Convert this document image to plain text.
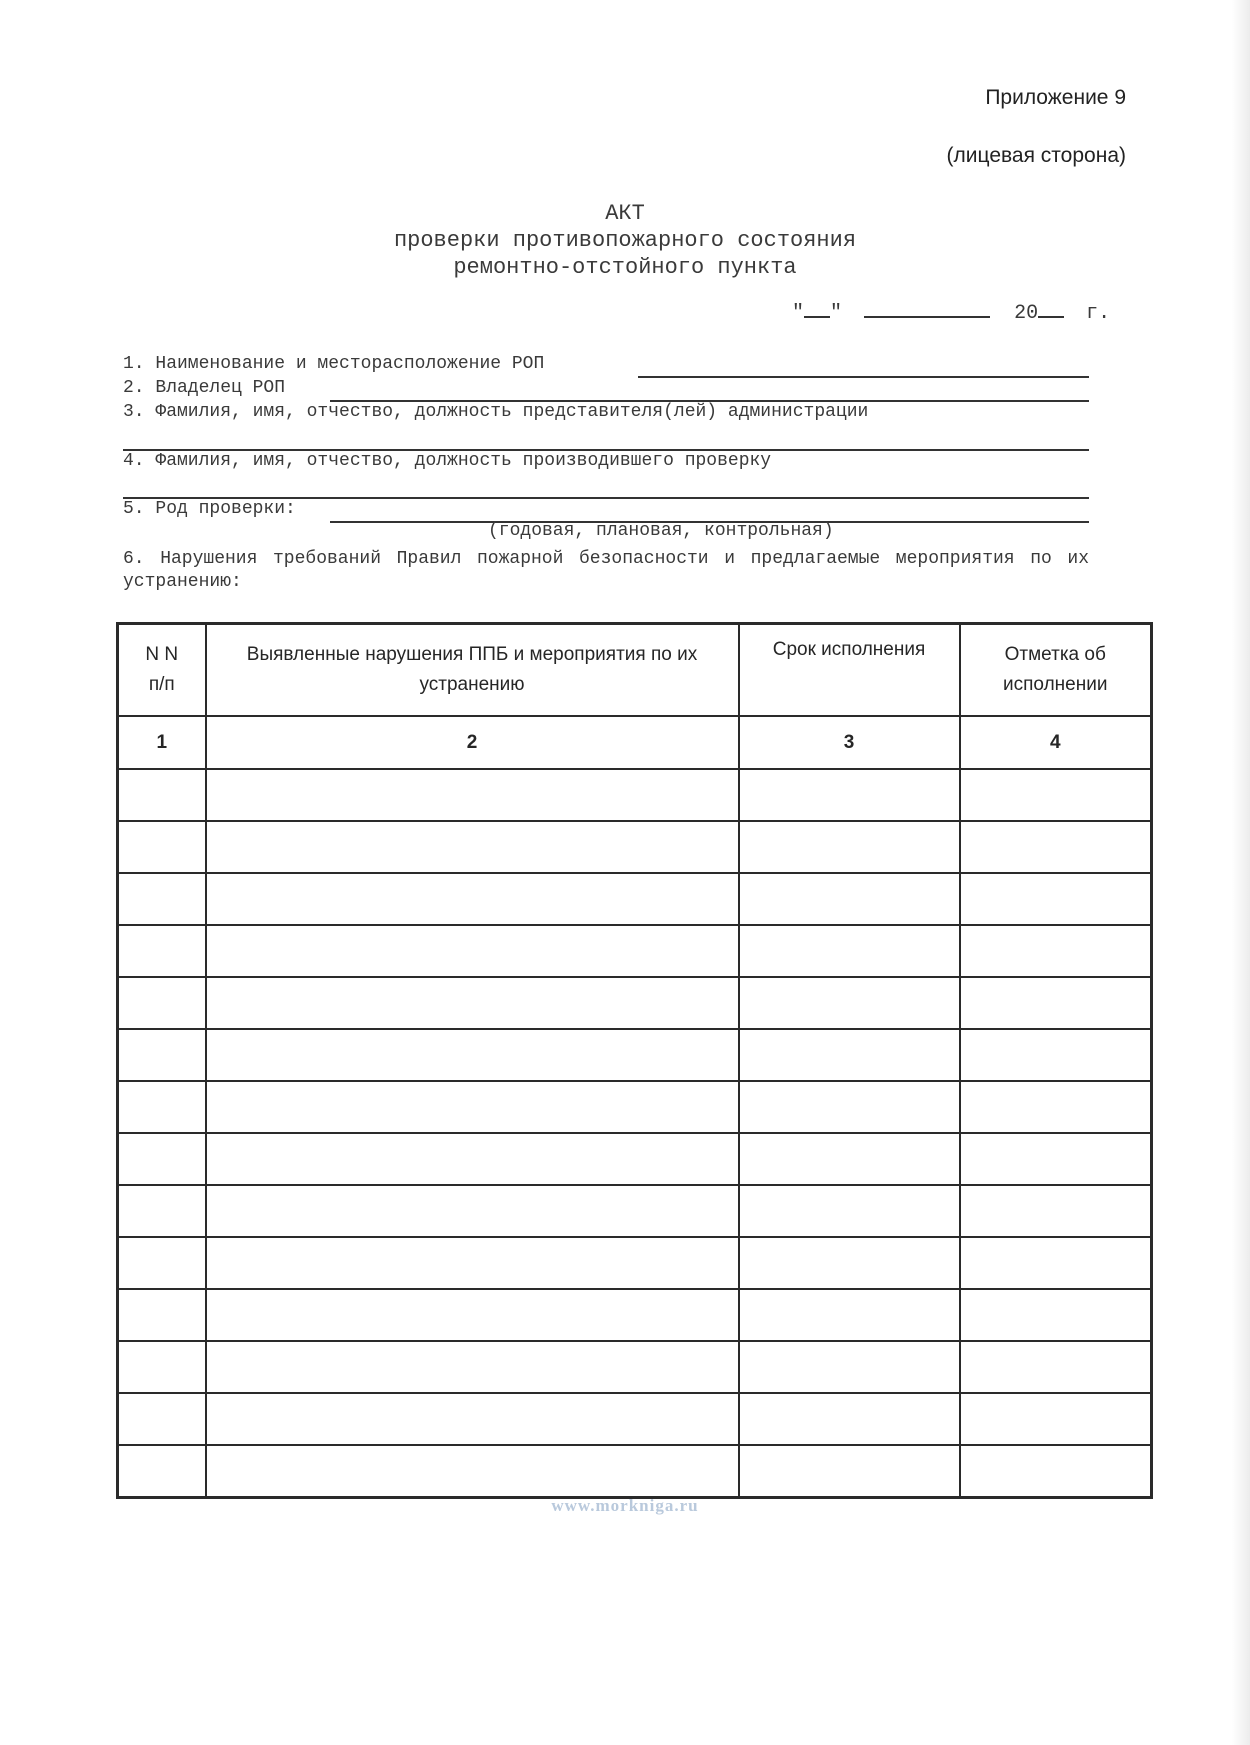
Приложение 9
(лицевая сторона)
АКТ
проверки противопожарного состояния
ремонтно-отстойного пункта
" "	20 г.
1. Наименование и месторасположение РОП
2. Владелец РОП
3. Фамилия, имя, отчество, должность представителя(лей) администрации
4. Фамилия, имя, отчество, должность производившего проверку
5. Род проверки:
(годовая, плановая, контрольная)
6. Нарушения требований Правил пожарной безопасности и предлагаемые мероприятия по их устранению:
N N п/п	Выявленные нарушения ППБ и мероприятия по их устранению	Срок исполнения	Отметка об исполнении
1	2	3	4

www.morkniga.ru
